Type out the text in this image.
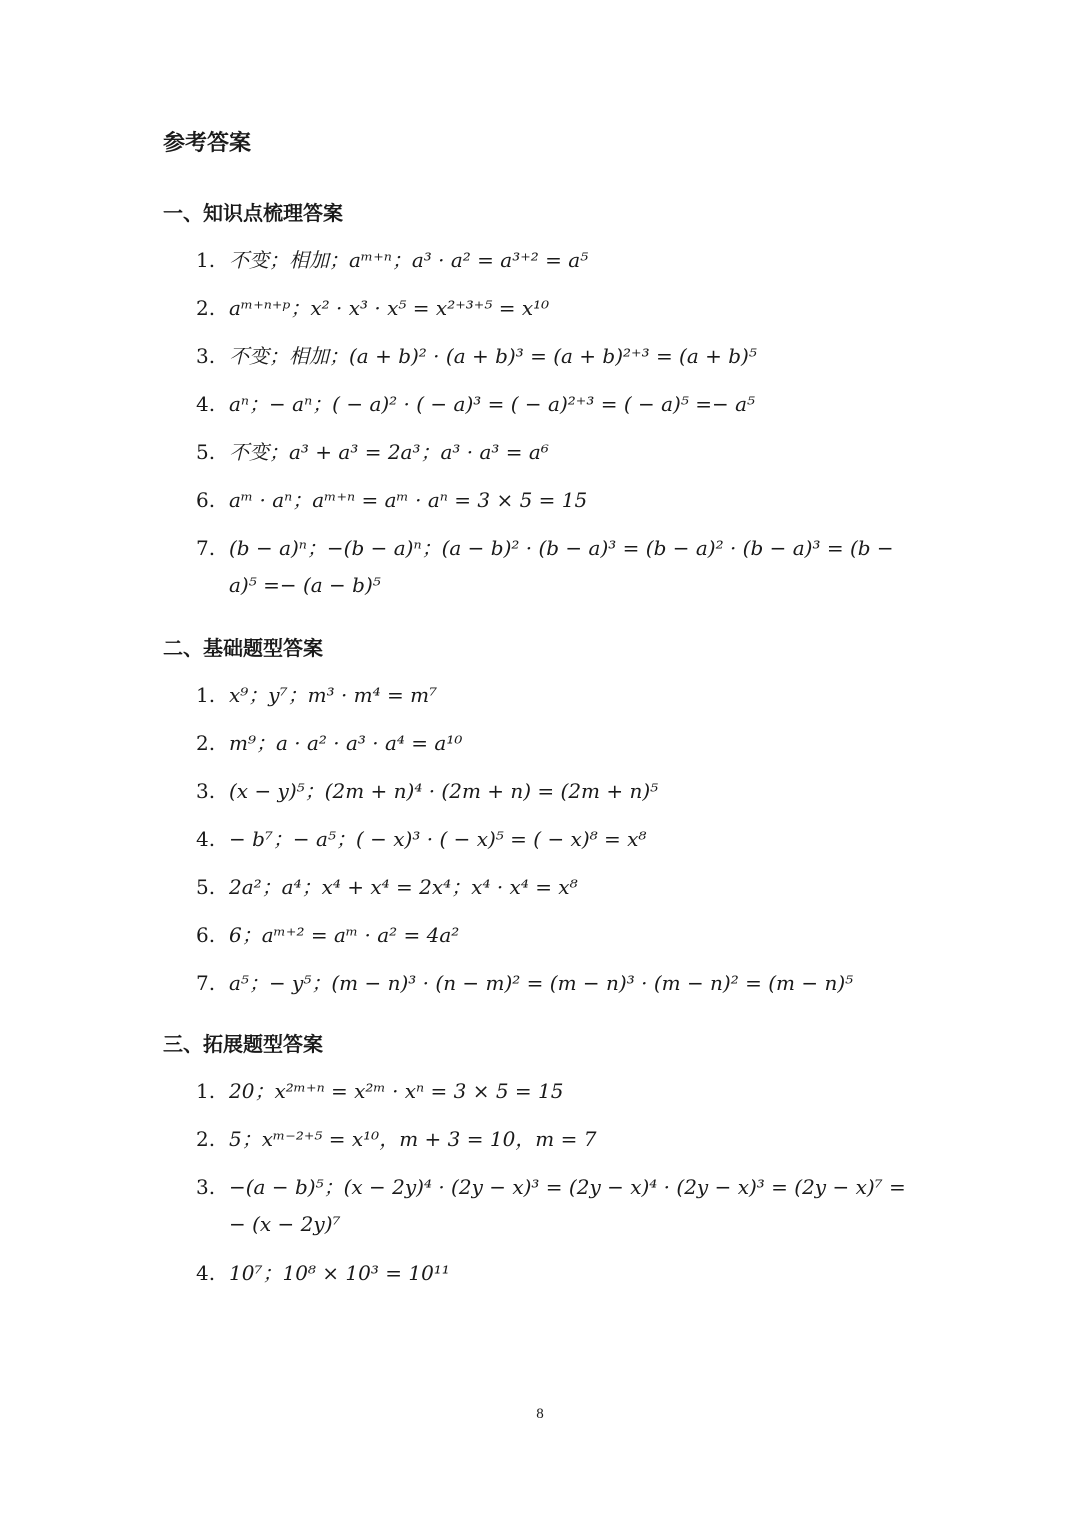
参考答案
一、知识点梳理答案
1. 不变；相加；aᵐ⁺ⁿ；a³ · a² = a³⁺² = a⁵
2. aᵐ⁺ⁿ⁺ᵖ；x² · x³ · x⁵ = x²⁺³⁺⁵ = x¹⁰
3. 不变；相加；(a + b)² · (a + b)³ = (a + b)²⁺³ = (a + b)⁵
4. aⁿ；− aⁿ；( − a)² · ( − a)³ = ( − a)²⁺³ = ( − a)⁵ =− a⁵
5. 不变；a³ + a³ = 2a³；a³ · a³ = a⁶
6. aᵐ · aⁿ；aᵐ⁺ⁿ = aᵐ · aⁿ = 3 × 5 = 15
7. (b − a)ⁿ；−(b − a)ⁿ；(a − b)² · (b − a)³ = (b − a)² · (b − a)³ = (b −
a)⁵ =− (a − b)⁵
二、基础题型答案
1. x⁹；y⁷；m³ · m⁴ = m⁷
2. m⁹；a · a² · a³ · a⁴ = a¹⁰
3. (x − y)⁵；(2m + n)⁴ · (2m + n) = (2m + n)⁵
4. − b⁷；− a⁵；( − x)³ · ( − x)⁵ = ( − x)⁸ = x⁸
5. 2a²；a⁴；x⁴ + x⁴ = 2x⁴；x⁴ · x⁴ = x⁸
6. 6；aᵐ⁺² = aᵐ · a² = 4a²
7. a⁵；− y⁵；(m − n)³ · (n − m)² = (m − n)³ · (m − n)² = (m − n)⁵
三、拓展题型答案
1. 20；x²ᵐ⁺ⁿ = x²ᵐ · xⁿ = 3 × 5 = 15
2. 5；xᵐ⁻²⁺⁵ = x¹⁰，m + 3 = 10，m = 7
3. −(a − b)⁵；(x − 2y)⁴ · (2y − x)³ = (2y − x)⁴ · (2y − x)³ = (2y − x)⁷ =
− (x − 2y)⁷
4. 10⁷；10⁸ × 10³ = 10¹¹
8
